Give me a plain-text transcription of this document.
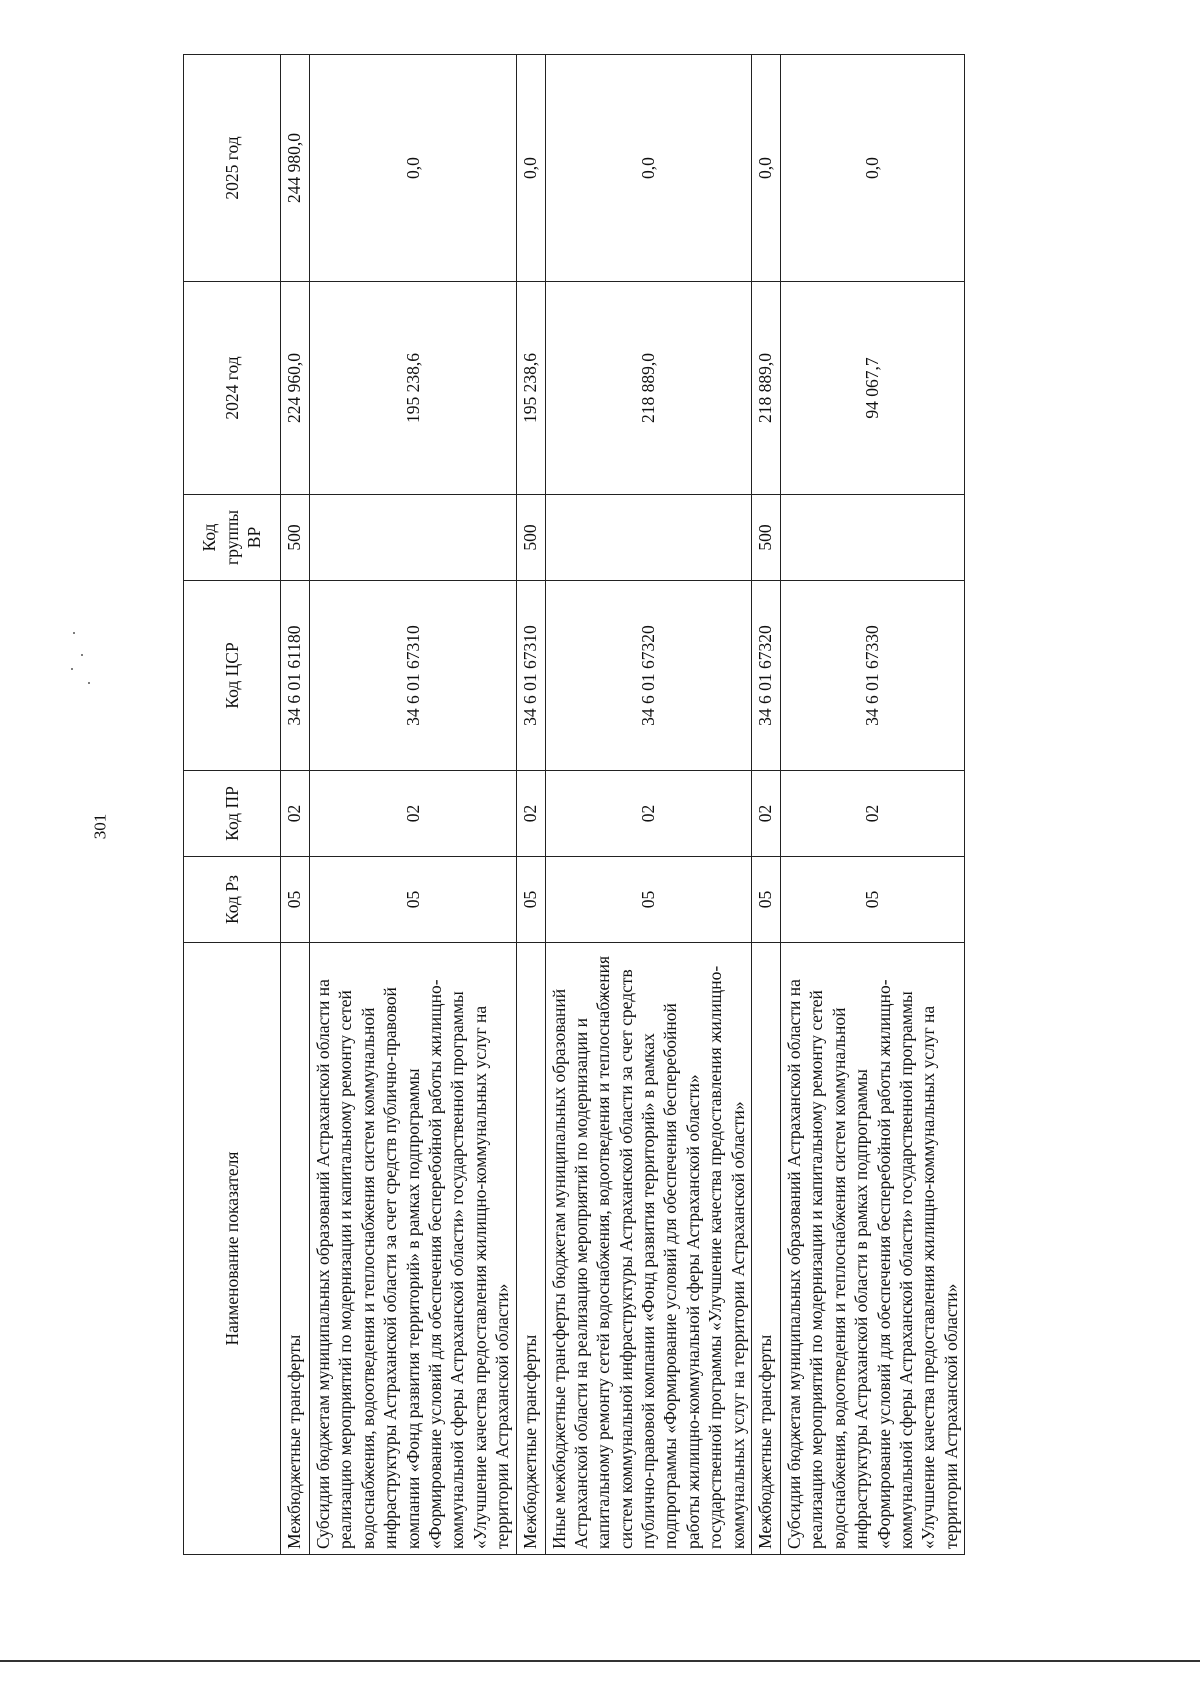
301
Наименование показателя	Код Рз	Код ПР	Код ЦСР	Код группы ВР	2024 год	2025 год
Межбюджетные трансферты	05	02	34 6 01 61180	500	224 960,0	244 980,0
Субсидии бюджетам муниципальных образований Астраханской области на реализацию мероприятий по модернизации и капитальному ремонту сетей водоснабжения, водоотведения и теплоснабжения систем коммунальной инфраструктуры Астраханской области за счет средств публично-правовой компании «Фонд развития территорий» в рамках подпрограммы «Формирование условий для обеспечения бесперебойной работы жилищно-коммунальной сферы Астраханской области» государственной программы «Улучшение качества предоставления жилищно-коммунальных услуг на территории Астраханской области»	05	02	34 6 01 67310		195 238,6	0,0
Межбюджетные трансферты	05	02	34 6 01 67310	500	195 238,6	0,0
Иные межбюджетные трансферты бюджетам муниципальных образований Астраханской области на реализацию мероприятий по модернизации и капитальному ремонту сетей водоснабжения, водоотведения и теплоснабжения систем коммунальной инфраструктуры Астраханской области за счет средств публично-правовой компании «Фонд развития территорий» в рамках подпрограммы «Формирование условий для обеспечения бесперебойной работы жилищно-коммунальной сферы Астраханской области» государственной программы «Улучшение качества предоставления жилищно-коммунальных услуг на территории Астраханской области»	05	02	34 6 01 67320		218 889,0	0,0
Межбюджетные трансферты	05	02	34 6 01 67320	500	218 889,0	0,0
Субсидии бюджетам муниципальных образований Астраханской области на реализацию мероприятий по модернизации и капитальному ремонту сетей водоснабжения, водоотведения и теплоснабжения систем коммунальной инфраструктуры Астраханской области в рамках подпрограммы «Формирование условий для обеспечения бесперебойной работы жилищно-коммунальной сферы Астраханской области» государственной программы «Улучшение качества предоставления жилищно-коммунальных услуг на территории Астраханской области»	05	02	34 6 01 67330		94 067,7	0,0
